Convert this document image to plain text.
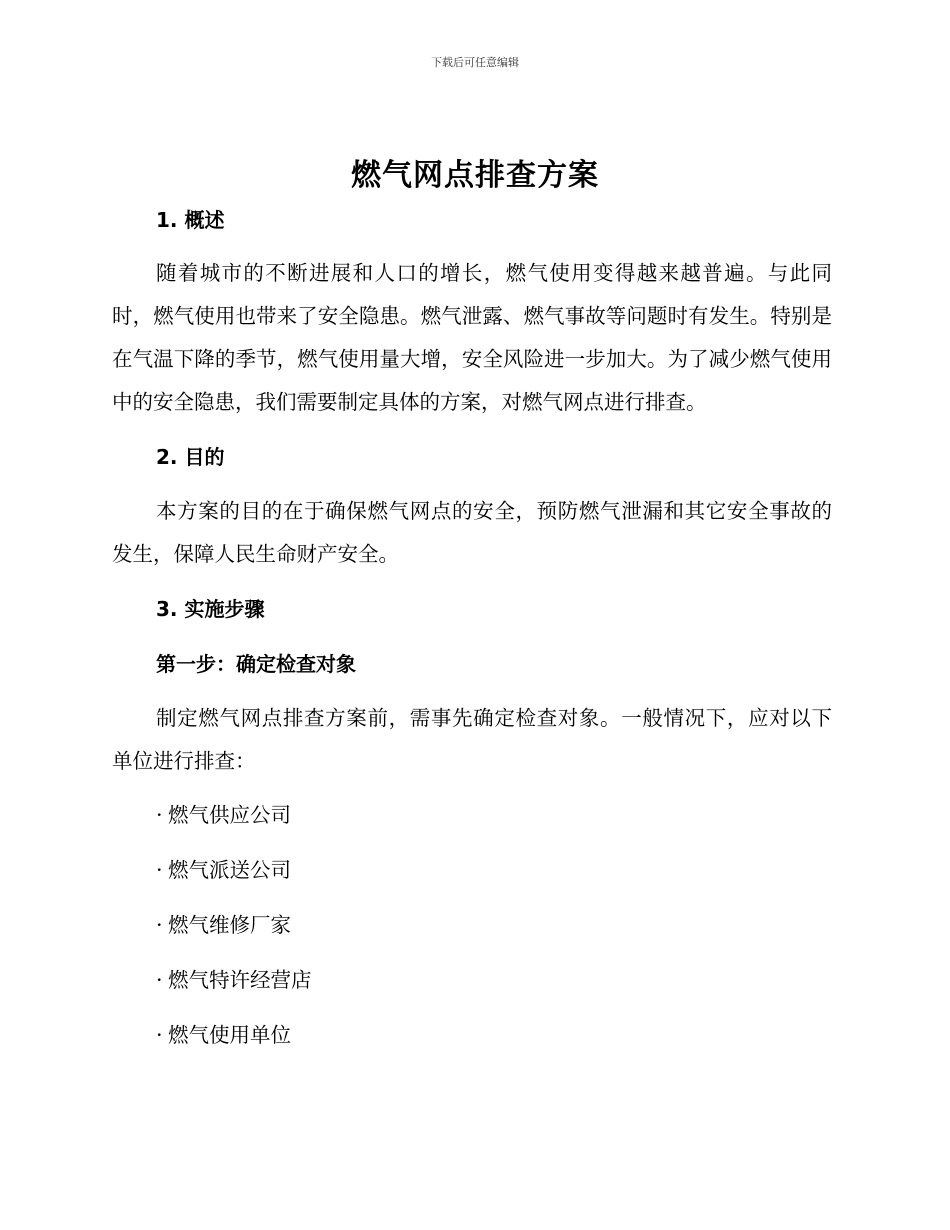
下载后可任意编辑
燃气网点排查方案
1. 概述
随着城市的不断进展和人口的增长，燃气使用变得越来越普遍。与此同时，燃气使用也带来了安全隐患。燃气泄露、燃气事故等问题时有发生。特别是在气温下降的季节，燃气使用量大增，安全风险进一步加大。为了减少燃气使用中的安全隐患，我们需要制定具体的方案，对燃气网点进行排查。
2. 目的
本方案的目的在于确保燃气网点的安全，预防燃气泄漏和其它安全事故的发生，保障人民生命财产安全。
3. 实施步骤
第一步：确定检查对象
制定燃气网点排查方案前，需事先确定检查对象。一般情况下，应对以下单位进行排查：
· 燃气供应公司
· 燃气派送公司
· 燃气维修厂家
· 燃气特许经营店
· 燃气使用单位
